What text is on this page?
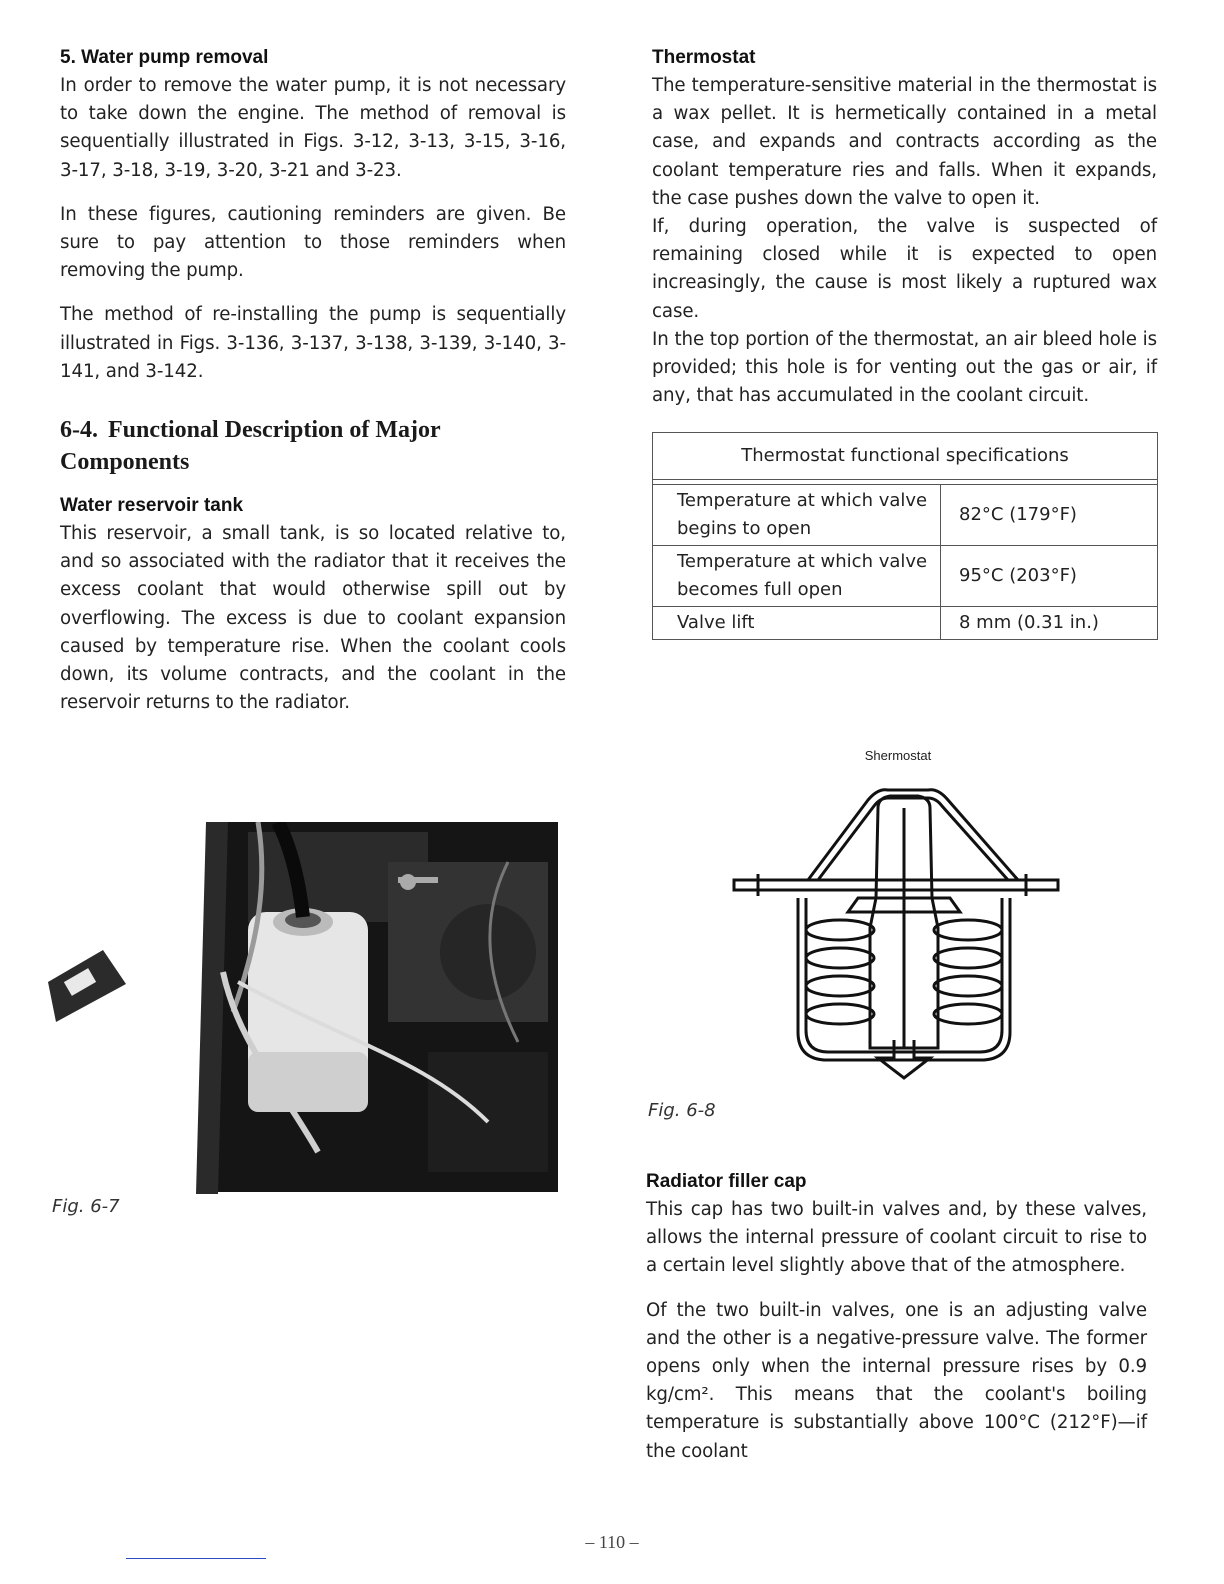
5. Water pump removal

In order to remove the water pump, it is not necessary to take down the engine. The method of removal is sequentially illustrated in Figs. 3-12, 3-13, 3-15, 3-16, 3-17, 3-18, 3-19, 3-20, 3-21 and 3-23.

In these figures, cautioning reminders are given. Be sure to pay attention to those reminders when removing the pump.

The method of re-installing the pump is sequentially illustrated in Figs. 3-136, 3-137, 3-138, 3-139, 3-140, 3-141, and 3-142.

6-4. Functional Description of Major Components
Water reservoir tank

This reservoir, a small tank, is so located relative to, and so associated with the radiator that it receives the excess coolant that would otherwise spill out by overflowing. The excess is due to coolant expansion caused by temperature rise. When the coolant cools down, its volume contracts, and the coolant in the reservoir returns to the radiator.

Fig. 6-7
Thermostat

The temperature-sensitive material in the thermostat is a wax pellet. It is hermetically contained in a metal case, and expands and contracts according as the coolant temperature ries and falls. When it expands, the case pushes down the valve to open it.

If, during operation, the valve is suspected of remaining closed while it is expected to open increasingly, the cause is most likely a ruptured wax case.

In the top portion of the thermostat, an air bleed hole is provided; this hole is for venting out the gas or air, if any, that has accumulated in the coolant circuit.

Thermostat functional specifications	

Temperature at which valve begins to open	82°C (179°F)
Temperature at which valve becomes full open	95°C (203°F)
Valve lift	8 mm (0.31 in.)
Shermostat
Fig. 6-8
Radiator filler cap

This cap has two built-in valves and, by these valves, allows the internal pressure of coolant circuit to rise to a certain level slightly above that of the atmosphere.

Of the two built-in valves, one is an adjusting valve and the other is a negative-pressure valve. The former opens only when the internal pressure rises by 0.9 kg/cm². This means that the coolant's boiling temperature is substantially above 100°C (212°F)—if the coolant

– 110 –
